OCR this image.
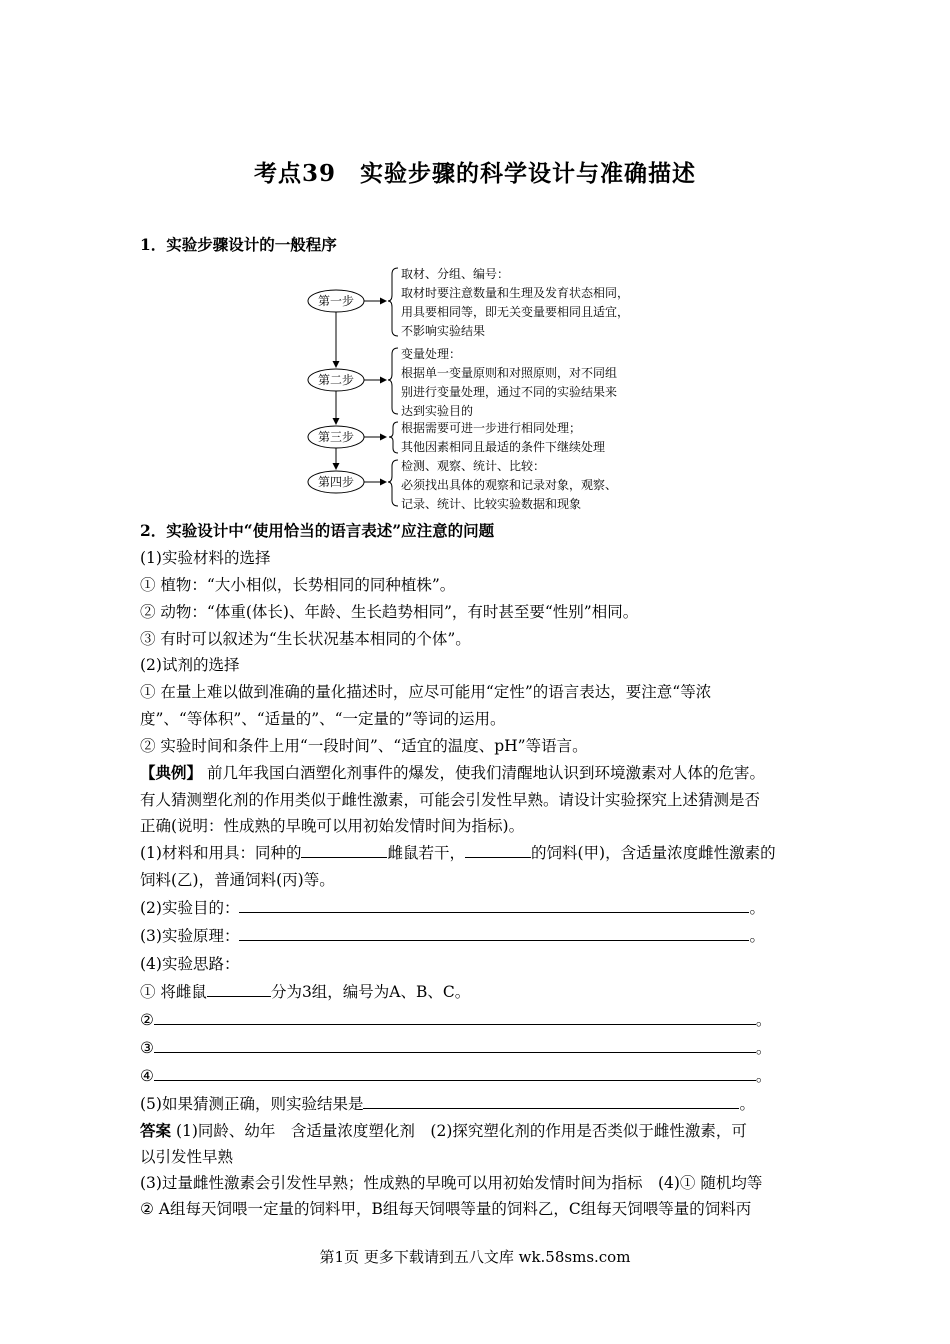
考点39　实验步骤的科学设计与准确描述
1．实验步骤设计的一般程序
第一步
第二步
第三步
第四步
取材、分组、编号：
取材时要注意数量和生理及发育状态相同，
用具要相同等，即无关变量要相同且适宜，
不影响实验结果
变量处理：
根据单一变量原则和对照原则，对不同组
别进行变量处理，通过不同的实验结果来
达到实验目的
根据需要可进一步进行相同处理；
其他因素相同且最适的条件下继续处理
检测、观察、统计、比较：
必须找出具体的观察和记录对象，观察、
记录、统计、比较实验数据和现象
2．实验设计中“使用恰当的语言表述”应注意的问题
(1)实验材料的选择
① 植物：“大小相似，长势相同的同种植株”。
② 动物：“体重(体长)、年龄、生长趋势相同”，有时甚至要“性别”相同。
③ 有时可以叙述为“生长状况基本相同的个体”。
(2)试剂的选择
① 在量上难以做到准确的量化描述时，应尽可能用“定性”的语言表达，要注意“等浓
度”、“等体积”、“适量的”、“一定量的”等词的运用。
② 实验时间和条件上用“一段时间”、“适宜的温度、pH”等语言。
【典例】 前几年我国白酒塑化剂事件的爆发，使我们清醒地认识到环境激素对人体的危害。
有人猜测塑化剂的作用类似于雌性激素，可能会引发性早熟。请设计实验探究上述猜测是否
正确(说明：性成熟的早晚可以用初始发情时间为指标)。
(1)材料和用具：同种的	雌鼠若干，	的饲料(甲)，含适量浓度雌性激素的
饲料(乙)，普通饲料(丙)等。
(2)实验目的：	。
(3)实验原理：	。
(4)实验思路：
① 将雌鼠	分为3组，编号为A、B、C。
②	。
③	。
④	。
(5)如果猜测正确，则实验结果是	。
答案 (1)同龄、幼年　含适量浓度塑化剂　(2)探究塑化剂的作用是否类似于雌性激素，可
以引发性早熟
(3)过量雌性激素会引发性早熟；性成熟的早晚可以用初始发情时间为指标　(4)① 随机均等
② A组每天饲喂一定量的饲料甲，B组每天饲喂等量的饲料乙，C组每天饲喂等量的饲料丙
第1页 更多下载请到五八文库 wk.58sms.com
